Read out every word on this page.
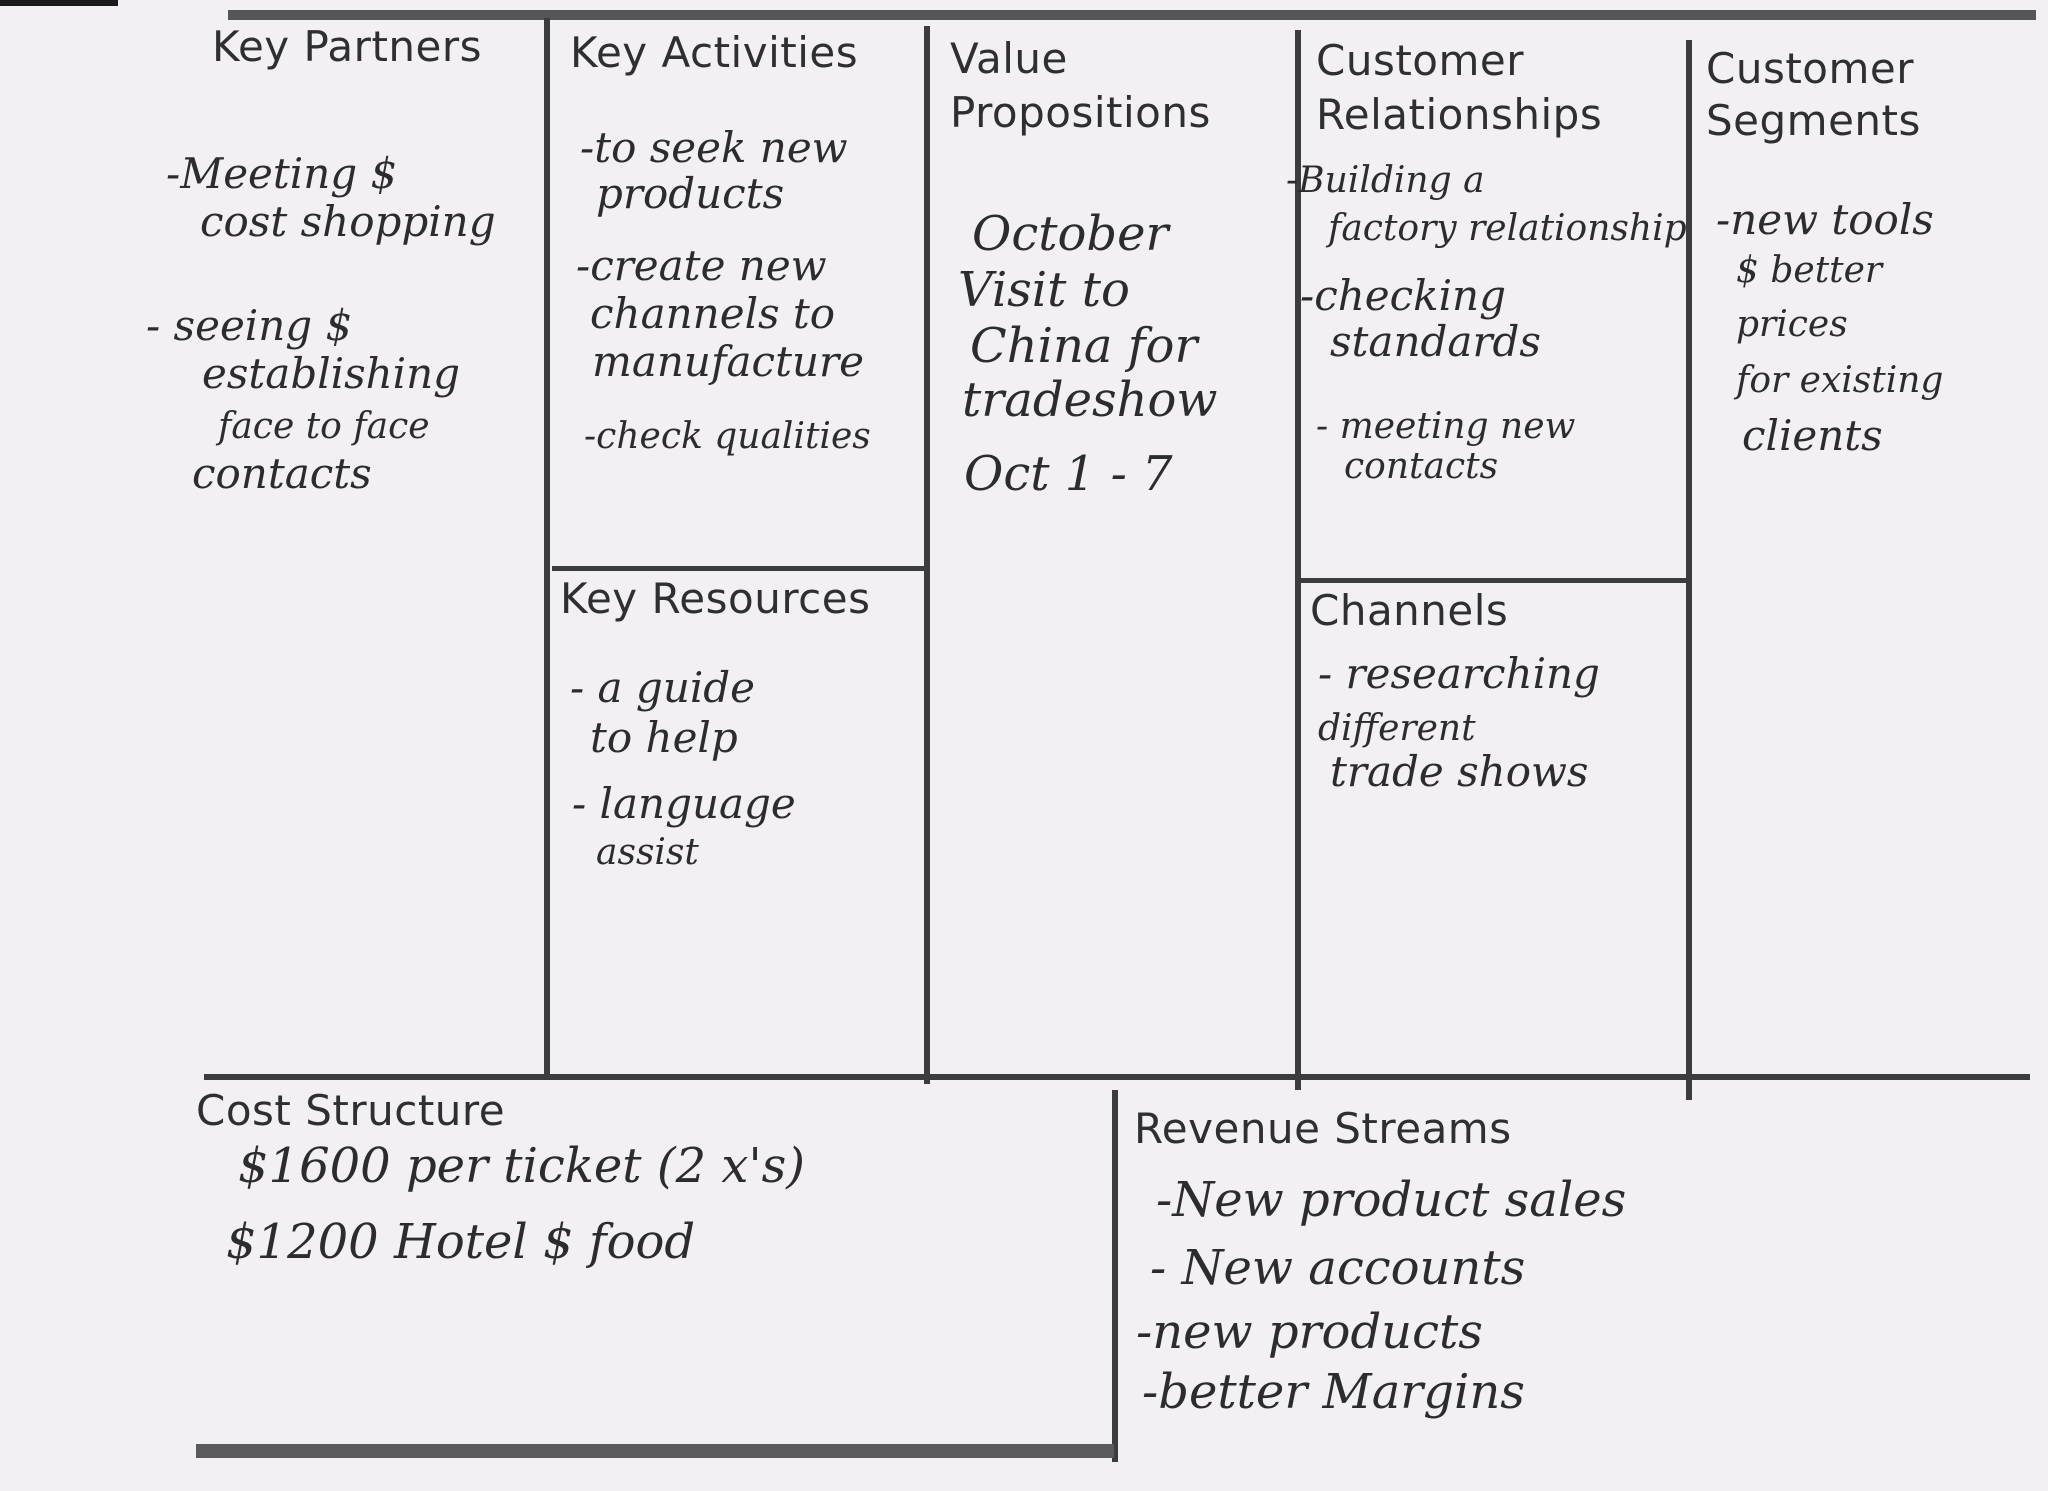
Key Partners
-Meeting $
cost shopping
- seeing $
establishing
face to face
contacts
Key Activities
-to seek new
products
-create new
channels to
manufacture
-check qualities
Key Resources
- a guide
to help
- language
assist
Value
Propositions
October
Visit to
China for
tradeshow
Oct 1 - 7
Customer
Relationships
-Building a
factory relationship
-checking
standards
- meeting new
contacts
Channels
- researching
different
trade shows
Customer
Segments
-new tools
$ better
prices
for existing
clients
Cost Structure
$1600 per ticket (2 x's)
$1200 Hotel $ food
Revenue Streams
-New product sales
- New accounts
-new products
-better Margins
